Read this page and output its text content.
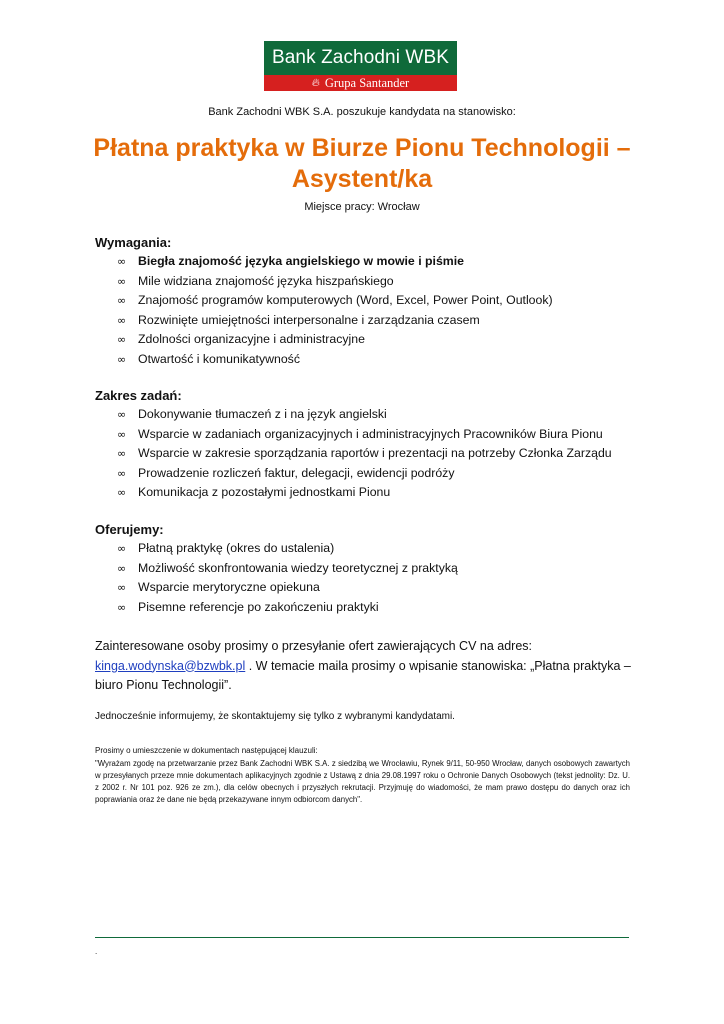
Bank Zachodni WBK
🔥︎ Grupa Santander
Bank Zachodni WBK S.A. poszukuje kandydata na stanowisko:
Płatna praktyka w Biurze Pionu Technologii –
Asystent/ka
Miejsce pracy: Wrocław
Wymagania:
∞ Biegła znajomość języka angielskiego w mowie i piśmie
∞ Mile widziana znajomość języka hiszpańskiego
∞ Znajomość programów komputerowych (Word, Excel, Power Point, Outlook)
∞ Rozwinięte umiejętności interpersonalne i zarządzania czasem
∞ Zdolności organizacyjne i administracyjne
∞ Otwartość i komunikatywność
Zakres zadań:
∞ Dokonywanie tłumaczeń z i na język angielski
∞ Wsparcie w zadaniach organizacyjnych i administracyjnych Pracowników Biura Pionu
∞ Wsparcie w zakresie sporządzania raportów i prezentacji na potrzeby Członka Zarządu
∞ Prowadzenie rozliczeń faktur, delegacji, ewidencji podróży
∞ Komunikacja z pozostałymi jednostkami Pionu
Oferujemy:
∞ Płatną praktykę (okres do ustalenia)
∞ Możliwość skonfrontowania wiedzy teoretycznej z praktyką
∞ Wsparcie merytoryczne opiekuna
∞ Pisemne referencje po zakończeniu praktyki
Zainteresowane osoby prosimy o przesyłanie ofert zawierających CV na adres:
kinga.wodynska@bzwbk.pl . W temacie maila prosimy o wpisanie stanowiska: „Płatna praktyka – biuro Pionu Technologii”.
Jednocześnie informujemy, że skontaktujemy się tylko z wybranymi kandydatami.
Prosimy o umieszczenie w dokumentach następującej klauzuli:
"Wyrażam zgodę na przetwarzanie przez Bank Zachodni WBK S.A. z siedzibą we Wrocławiu, Rynek 9/11, 50-950 Wrocław, danych osobowych zawartych w przesyłanych przeze mnie dokumentach aplikacyjnych zgodnie z Ustawą z dnia 29.08.1997 roku o Ochronie Danych Osobowych (tekst jednolity: Dz. U. z 2002 r. Nr 101 poz. 926 ze zm.), dla celów obecnych i przyszłych rekrutacji. Przyjmuję do wiadomości, że mam prawo dostępu do danych oraz ich poprawiania oraz że dane nie będą przekazywane innym odbiorcom danych".
.
